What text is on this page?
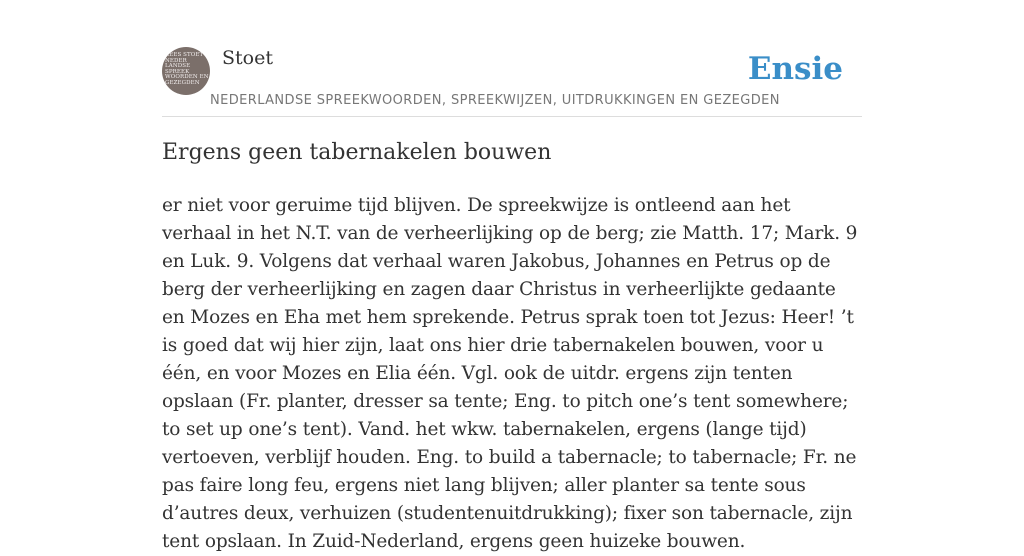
KEES STOET
NEDER
LANDSE
SPREEK
WOORDEN EN
GEZEGDEN
Stoet
NEDERLANDSE SPREEKWOORDEN, SPREEKWIJZEN, UITDRUKKINGEN EN GEZEGDEN
Ensie
Ergens geen tabernakelen bouwen

er niet voor geruime tijd blijven. De spreekwijze is ontleend aan het verhaal in het N.T. van de verheerlijking op de berg; zie Matth. 17; Mark. 9 en Luk. 9. Volgens dat verhaal waren Jakobus, Johannes en Petrus op de berg der verheerlijking en zagen daar Christus in verheerlijkte gedaante en Mozes en Eha met hem sprekende. Petrus sprak toen tot Jezus: Heer! ’t is goed dat wij hier zijn, laat ons hier drie tabernakelen bouwen, voor u één, en voor Mozes en Elia één. Vgl. ook de uitdr. ergens zijn tenten opslaan (Fr. planter, dresser sa tente; Eng. to pitch one’s tent somewhere; to set up one’s tent). Vand. het wkw. tabernakelen, ergens (lange tijd) vertoeven, verblijf houden. Eng. to build a tabernacle; to tabernacle; Fr. ne pas faire long feu, ergens niet lang blijven; aller planter sa tente sous d’autres deux, verhuizen (studentenuitdrukking); fixer son tabernacle, zijn tent opslaan. In Zuid-Nederland, ergens geen huizeke bouwen.
